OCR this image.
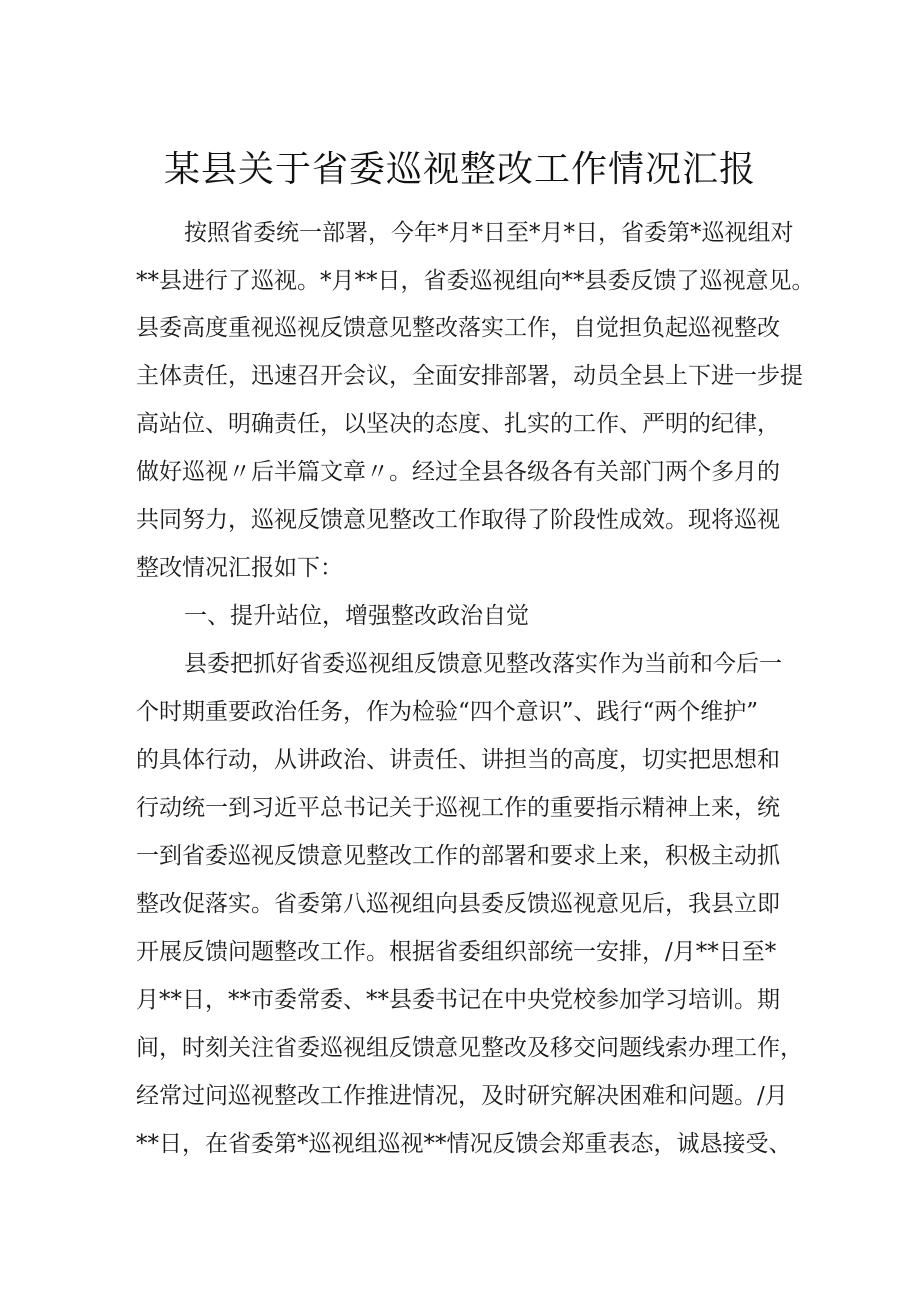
某县关于省委巡视整改工作情况汇报
按照省委统一部署，今年*月*日至*月*日，省委第*巡视组对
**县进行了巡视。*月**日，省委巡视组向**县委反馈了巡视意见。
县委高度重视巡视反馈意见整改落实工作，自觉担负起巡视整改
主体责任，迅速召开会议，全面安排部署，动员全县上下进一步提
高站位、明确责任，以坚决的态度、扎实的工作、严明的纪律，
做好巡视〃后半篇文章〃。经过全县各级各有关部门两个多月的
共同努力，巡视反馈意见整改工作取得了阶段性成效。现将巡视
整改情况汇报如下：
一、提升站位，增强整改政治自觉
县委把抓好省委巡视组反馈意见整改落实作为当前和今后一
个时期重要政治任务，作为检验“四个意识”、践行“两个维护”
的具体行动，从讲政治、讲责任、讲担当的高度，切实把思想和
行动统一到习近平总书记关于巡视工作的重要指示精神上来，统
一到省委巡视反馈意见整改工作的部署和要求上来，积极主动抓
整改促落实。省委第八巡视组向县委反馈巡视意见后，我县立即
开展反馈问题整改工作。根据省委组织部统一安排，/月**日至*
月**日，**市委常委、**县委书记在中央党校参加学习培训。期
间，时刻关注省委巡视组反馈意见整改及移交问题线索办理工作，
经常过问巡视整改工作推进情况，及时研究解决困难和问题。/月
**日，在省委第*巡视组巡视**情况反馈会郑重表态，诚恳接受、
